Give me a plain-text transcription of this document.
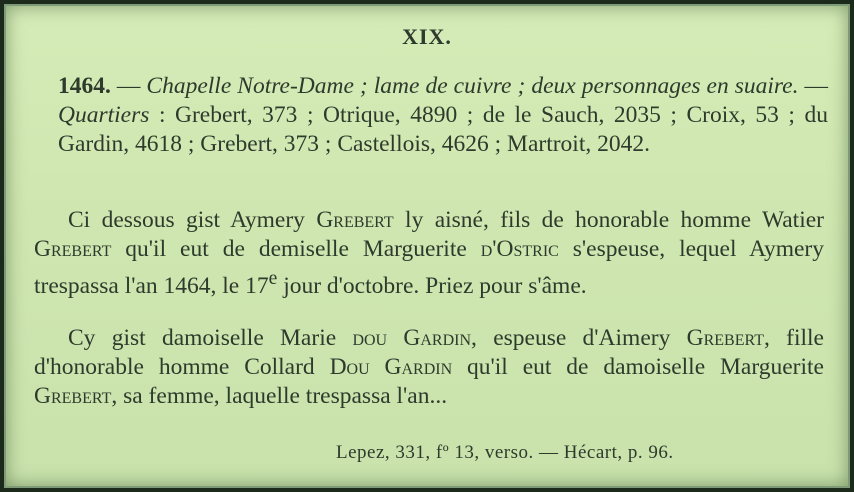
XIX.
1464. — Chapelle Notre-Dame ; lame de cuivre ; deux personnages en suaire. — Quartiers : Grebert, 373 ; Otrique, 4890 ; de le Sauch, 2035 ; Croix, 53 ; du Gardin, 4618 ; Grebert, 373 ; Castellois, 4626 ; Martroit, 2042.
Ci dessous gist Aymery Grebert ly aisné, fils de honorable homme Watier Grebert qu'il eut de demiselle Marguerite d'Ostric s'espeuse, lequel Aymery trespassa l'an 1464, le 17e jour d'octobre. Priez pour s'âme.
Cy gist damoiselle Marie dou Gardin, espeuse d'Aimery Grebert, fille d'honorable homme Collard Dou Gardin qu'il eut de damoiselle Marguerite Grebert, sa femme, laquelle trespassa l'an...
Lepez, 331, fº 13, verso. — Hécart, p. 96.
